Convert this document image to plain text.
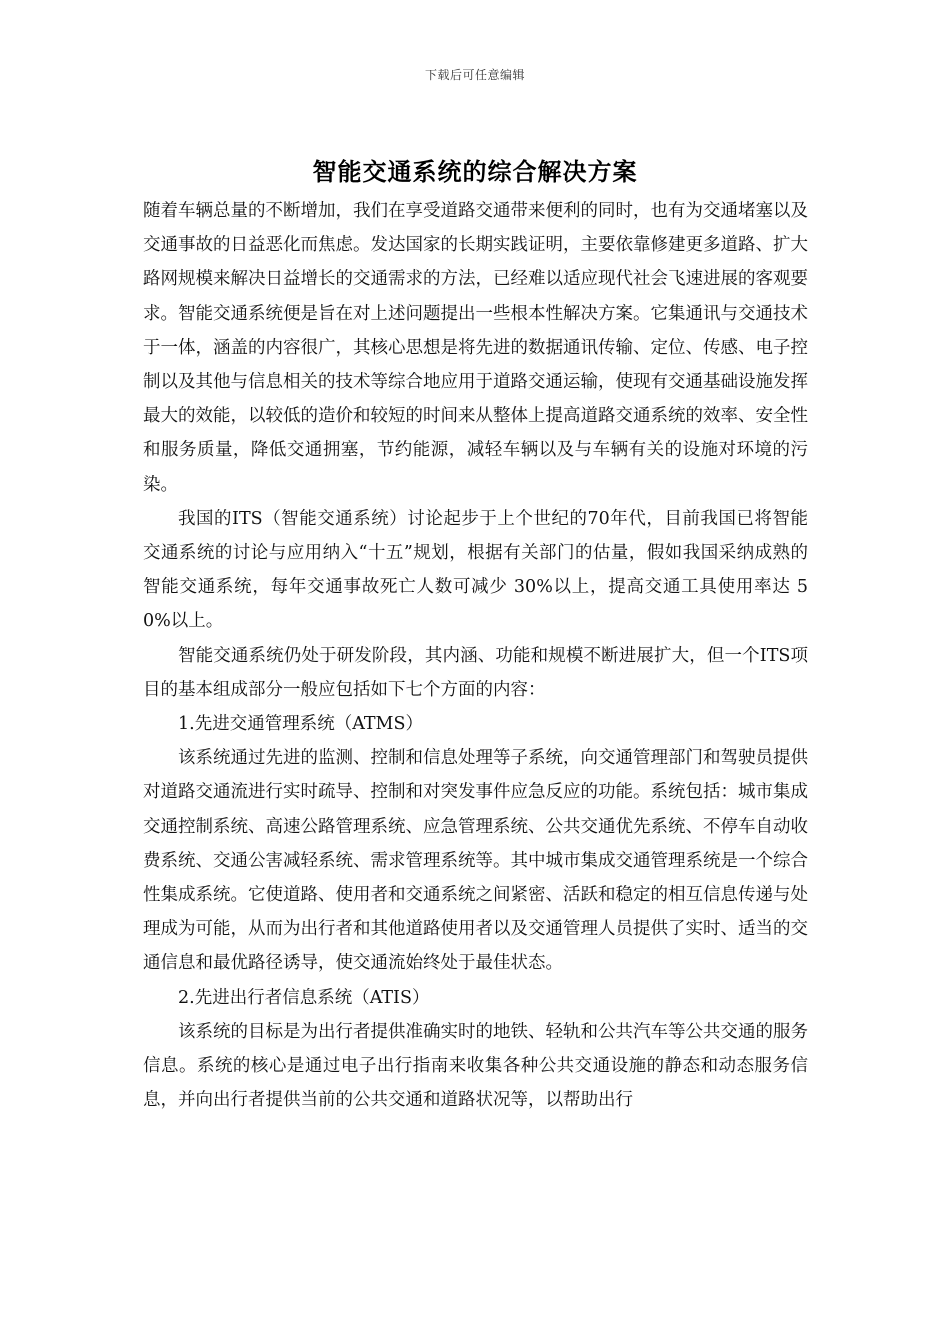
下载后可任意编辑
智能交通系统的综合解决方案

随着车辆总量的不断增加，我们在享受道路交通带来便利的同时，也有为交通堵塞以及交通事故的日益恶化而焦虑。发达国家的长期实践证明，主要依靠修建更多道路、扩大路网规模来解决日益增长的交通需求的方法，已经难以适应现代社会飞速进展的客观要求。智能交通系统便是旨在对上述问题提出一些根本性解决方案。它集通讯与交通技术于一体，涵盖的内容很广，其核心思想是将先进的数据通讯传输、定位、传感、电子控制以及其他与信息相关的技术等综合地应用于道路交通运输，使现有交通基础设施发挥最大的效能，以较低的造价和较短的时间来从整体上提高道路交通系统的效率、安全性和服务质量，降低交通拥塞，节约能源，减轻车辆以及与车辆有关的设施对环境的污染。

我国的ITS（智能交通系统）讨论起步于上个世纪的70年代，目前我国已将智能交通系统的讨论与应用纳入“十五”规划，根据有关部门的估量，假如我国采纳成熟的智能交通系统，每年交通事故死亡人数可减少 30%以上，提高交通工具使用率达 50%以上。

智能交通系统仍处于研发阶段，其内涵、功能和规模不断进展扩大，但一个ITS项目的基本组成部分一般应包括如下七个方面的内容：

1.先进交通管理系统（ATMS）

该系统通过先进的监测、控制和信息处理等子系统，向交通管理部门和驾驶员提供对道路交通流进行实时疏导、控制和对突发事件应急反应的功能。系统包括：城市集成交通控制系统、高速公路管理系统、应急管理系统、公共交通优先系统、不停车自动收费系统、交通公害减轻系统、需求管理系统等。其中城市集成交通管理系统是一个综合性集成系统。它使道路、使用者和交通系统之间紧密、活跃和稳定的相互信息传递与处理成为可能，从而为出行者和其他道路使用者以及交通管理人员提供了实时、适当的交通信息和最优路径诱导，使交通流始终处于最佳状态。

2.先进出行者信息系统（ATIS）

该系统的目标是为出行者提供准确实时的地铁、轻轨和公共汽车等公共交通的服务信息。系统的核心是通过电子出行指南来收集各种公共交通设施的静态和动态服务信息，并向出行者提供当前的公共交通和道路状况等，以帮助出行
